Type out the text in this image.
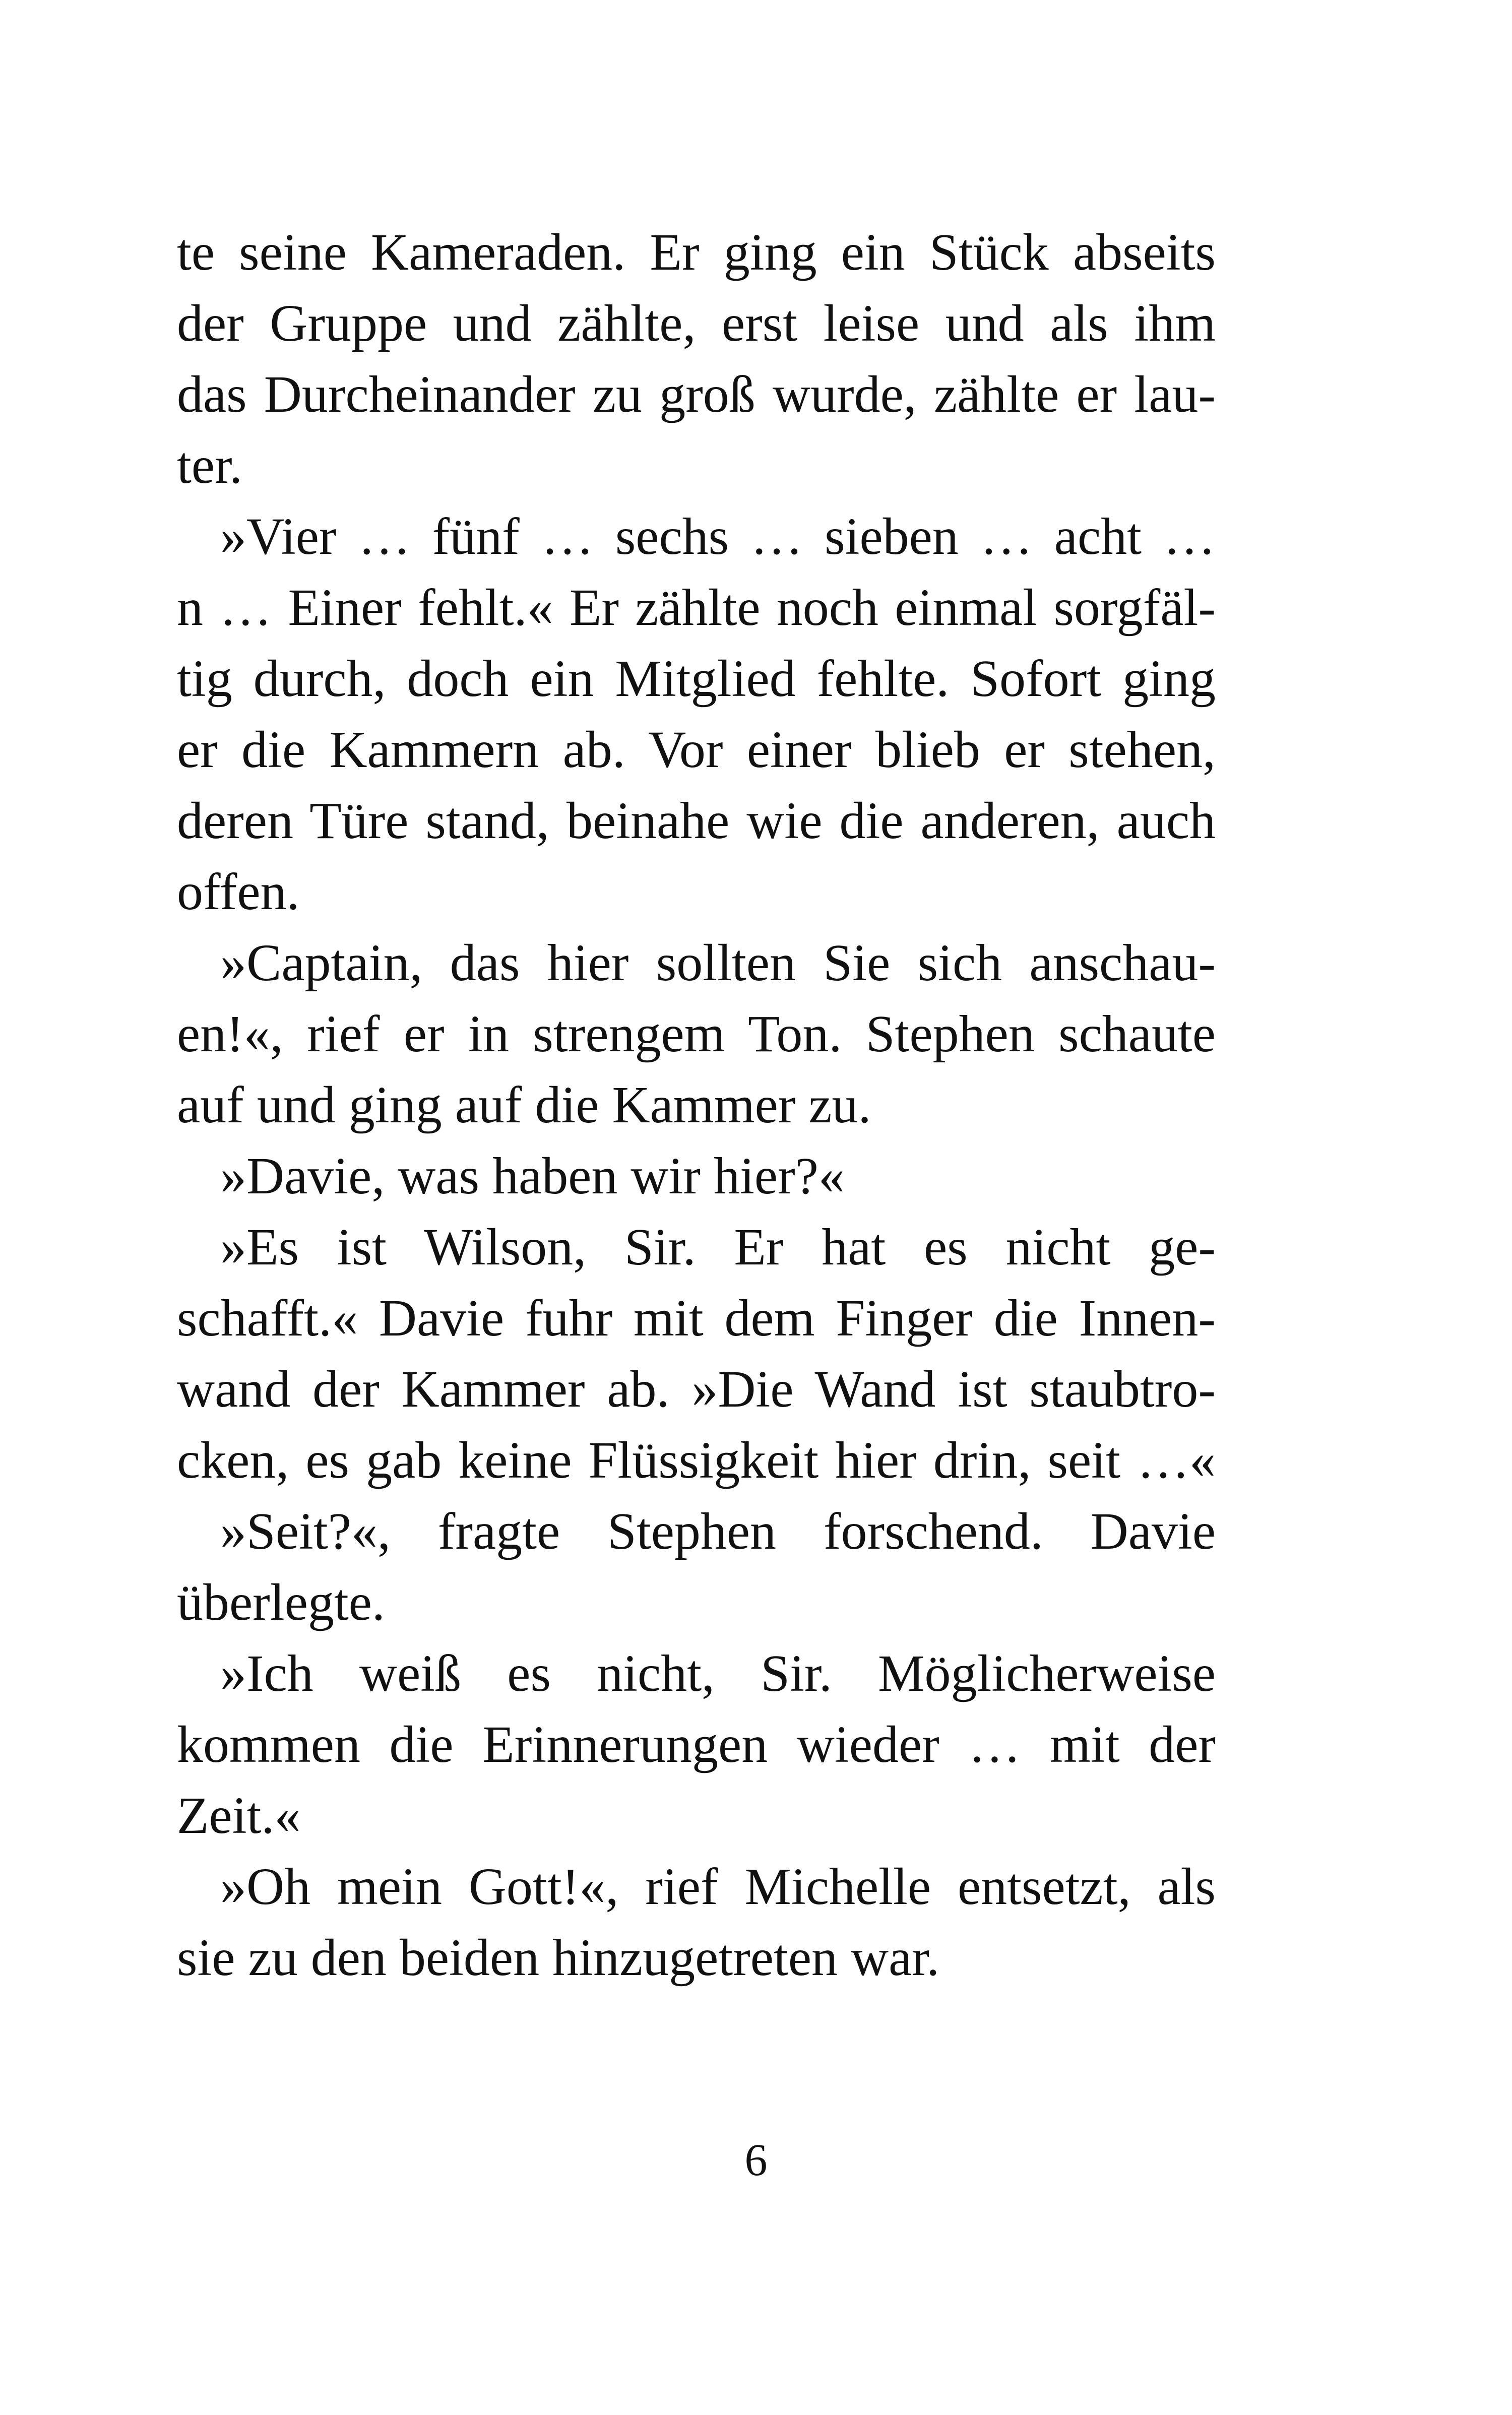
te seine Kameraden. Er ging ein Stück abseits
der Gruppe und zählte, erst leise und als ihm
das Durcheinander zu groß wurde, zählte er lau-
ter.
»Vier … fünf … sechs … sieben … acht …
n … Einer fehlt.« Er zählte noch einmal sorgfäl-
tig durch, doch ein Mitglied fehlte. Sofort ging
er die Kammern ab. Vor einer blieb er stehen,
deren Türe stand, beinahe wie die anderen, auch
offen.
»Captain, das hier sollten Sie sich anschau-
en!«, rief er in strengem Ton. Stephen schaute
auf und ging auf die Kammer zu.
»Davie, was haben wir hier?«
»Es ist Wilson, Sir. Er hat es nicht ge-
schafft.« Davie fuhr mit dem Finger die Innen-
wand der Kammer ab. »Die Wand ist staubtro-
cken, es gab keine Flüssigkeit hier drin, seit …«
»Seit?«, fragte Stephen forschend. Davie
überlegte.
»Ich weiß es nicht, Sir. Möglicherweise
kommen die Erinnerungen wieder … mit der
Zeit.«
»Oh mein Gott!«, rief Michelle entsetzt, als
sie zu den beiden hinzugetreten war.
6
